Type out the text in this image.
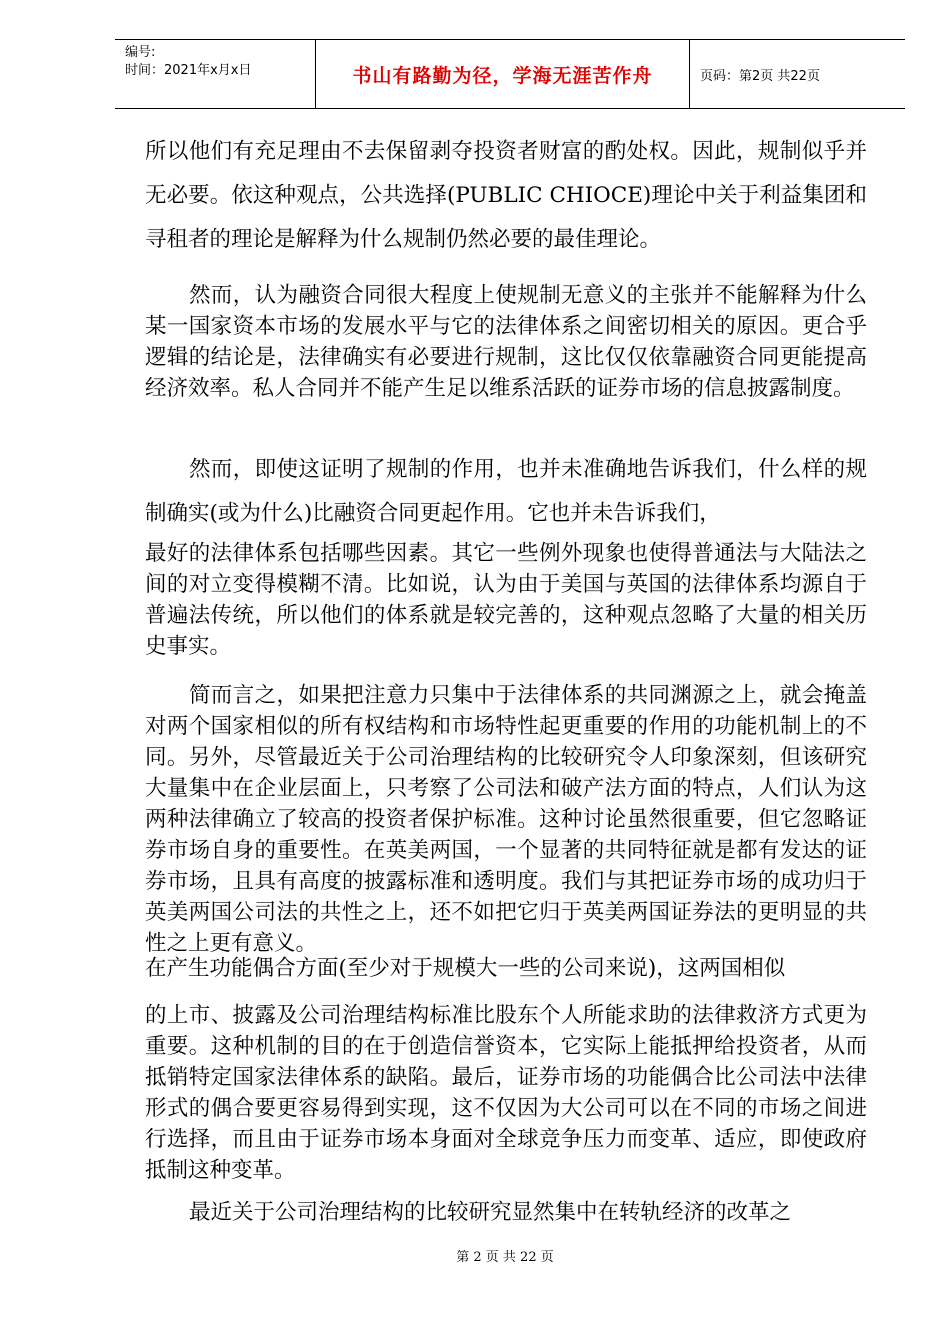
编号:
时间：2021年x月x日	书山有路勤为径，学海无涯苦作舟	页码：第2页 共22页

所以他们有充足理由不去保留剥夺投资者财富的酌处权。因此，规制似乎并无必要。依这种观点，公共选择(PUBLIC CHIOCE)理论中关于利益集团和寻租者的理论是解释为什么规制仍然必要的最佳理论。

然而，认为融资合同很大程度上使规制无意义的主张并不能解释为什么某一国家资本市场的发展水平与它的法律体系之间密切相关的原因。更合乎逻辑的结论是，法律确实有必要进行规制，这比仅仅依靠融资合同更能提高经济效率。私人合同并不能产生足以维系活跃的证券市场的信息披露制度。

然而，即使这证明了规制的作用，也并未准确地告诉我们，什么样的规制确实(或为什么)比融资合同更起作用。它也并未告诉我们，

最好的法律体系包括哪些因素。其它一些例外现象也使得普通法与大陆法之间的对立变得模糊不清。比如说，认为由于美国与英国的法律体系均源自于普遍法传统，所以他们的体系就是较完善的，这种观点忽略了大量的相关历史事实。

简而言之，如果把注意力只集中于法律体系的共同渊源之上，就会掩盖对两个国家相似的所有权结构和市场特性起更重要的作用的功能机制上的不同。另外，尽管最近关于公司治理结构的比较研究令人印象深刻，但该研究大量集中在企业层面上，只考察了公司法和破产法方面的特点，人们认为这两种法律确立了较高的投资者保护标准。这种讨论虽然很重要，但它忽略证券市场自身的重要性。在英美两国，一个显著的共同特征就是都有发达的证券市场，且具有高度的披露标准和透明度。我们与其把证券市场的成功归于英美两国公司法的共性之上，还不如把它归于英美两国证券法的更明显的共性之上更有意义。

在产生功能偶合方面(至少对于规模大一些的公司来说)，这两国相似

的上市、披露及公司治理结构标准比股东个人所能求助的法律救济方式更为重要。这种机制的目的在于创造信誉资本，它实际上能抵押给投资者，从而抵销特定国家法律体系的缺陷。最后，证券市场的功能偶合比公司法中法律形式的偶合要更容易得到实现，这不仅因为大公司可以在不同的市场之间进行选择，而且由于证券市场本身面对全球竞争压力而变革、适应，即使政府抵制这种变革。

最近关于公司治理结构的比较研究显然集中在转轨经济的改革之

第 2 页 共 22 页
